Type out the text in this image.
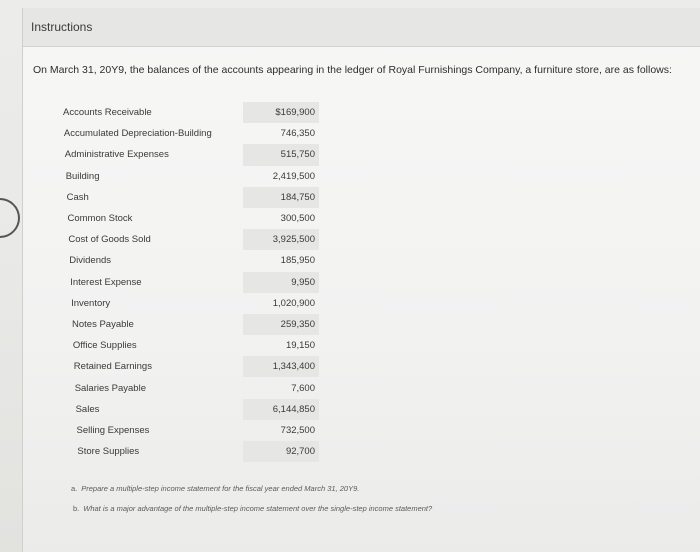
Instructions
On March 31, 20Y9, the balances of the accounts appearing in the ledger of Royal Furnishings Company, a furniture store, are as follows:
Accounts Receivable	$169,900
Accumulated Depreciation-Building	746,350
Administrative Expenses	515,750
Building	2,419,500
Cash	184,750
Common Stock	300,500
Cost of Goods Sold	3,925,500
Dividends	185,950
Interest Expense	9,950
Inventory	1,020,900
Notes Payable	259,350
Office Supplies	19,150
Retained Earnings	1,343,400
Salaries Payable	7,600
Sales	6,144,850
Selling Expenses	732,500
Store Supplies	92,700
a. Prepare a multiple-step income statement for the fiscal year ended March 31, 20Y9.
b. What is a major advantage of the multiple-step income statement over the single-step income statement?
